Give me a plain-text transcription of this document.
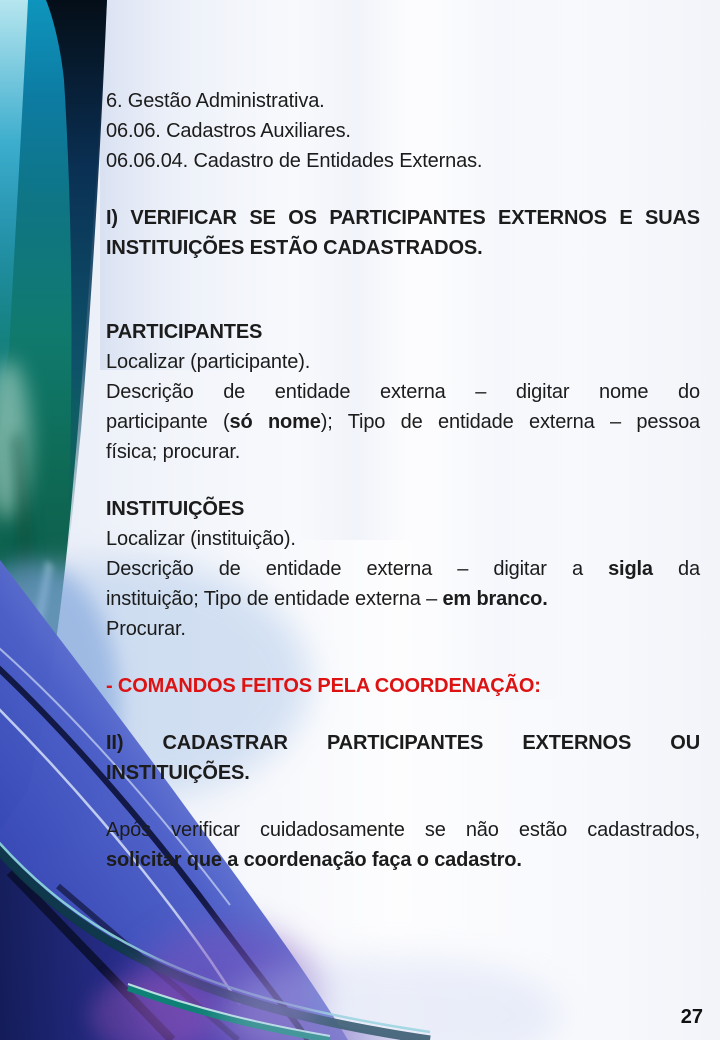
6. Gestão Administrativa.
06.06. Cadastros Auxiliares.
06.06.04. Cadastro de Entidades Externas.
I) VERIFICAR SE OS PARTICIPANTES EXTERNOS E SUAS
INSTITUIÇÕES ESTÃO CADASTRADOS.
PARTICIPANTES
Localizar (participante).
Descrição de entidade externa – digitar nome do
participante (só nome); Tipo de entidade externa – pessoa
física; procurar.
INSTITUIÇÕES
Localizar (instituição).
Descrição de entidade externa – digitar a sigla da
instituição; Tipo de entidade externa – em branco.
Procurar.
- COMANDOS FEITOS PELA COORDENAÇÃO:
II) CADASTRAR PARTICIPANTES EXTERNOS OU
INSTITUIÇÕES.
Após verificar cuidadosamente se não estão cadastrados,
solicitar que a coordenação faça o cadastro.
27
